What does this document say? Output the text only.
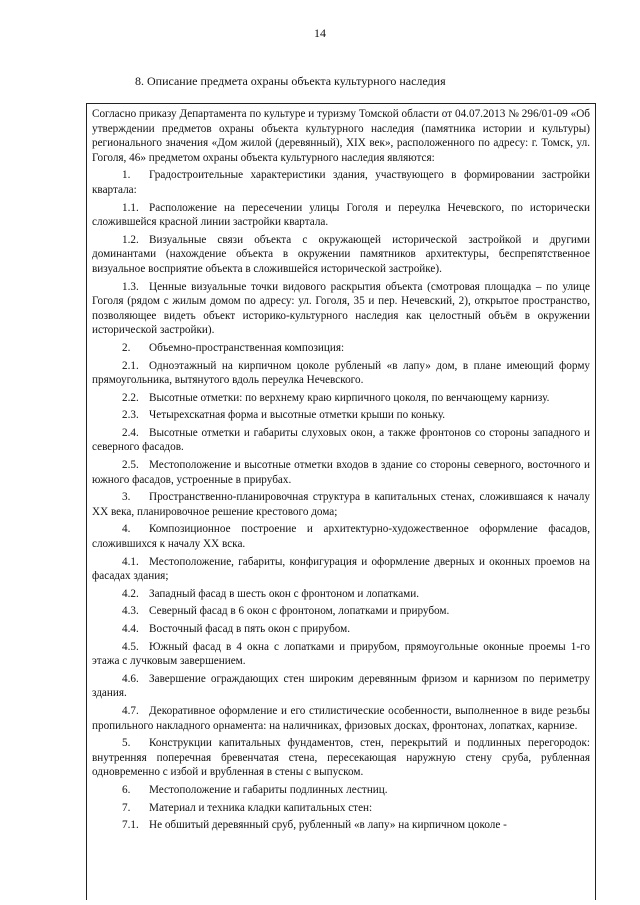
14
8. Описание предмета охраны объекта культурного наследия

Согласно приказу Департамента по культуре и туризму Томской области от 04.07.2013 № 296/01-09 «Об утверждении предметов охраны объекта культурного наследия (памятника истории и культуры) регионального значения «Дом жилой (деревянный), XIX век», расположенного по адресу: г. Томск, ул. Гоголя, 46» предметом охраны объекта культурного наследия являются:

1. Градостроительные характеристики здания, участвующего в формировании застройки квартала:

1.1. Расположение на пересечении улицы Гоголя и переулка Нечевского, по исторически сложившейся красной линии застройки квартала.

1.2. Визуальные связи объекта с окружающей исторической застройкой и другими доминантами (нахождение объекта в окружении памятников архитектуры, беспрепятственное визуальное восприятие объекта в сложившейся исторической застройке).

1.3. Ценные визуальные точки видового раскрытия объекта (смотровая площадка – по улице Гоголя (рядом с жилым домом по адресу: ул. Гоголя, 35 и пер. Нечевский, 2), открытое пространство, позволяющее видеть объект историко-культурного наследия как целостный объём в окружении исторической застройки).

2. Объемно-пространственная композиция:

2.1. Одноэтажный на кирпичном цоколе рубленый «в лапу» дом, в плане имеющий форму прямоугольника, вытянутого вдоль переулка Нечевского.

2.2. Высотные отметки: по верхнему краю кирпичного цоколя, по венчающему карнизу.

2.3. Четырехскатная форма и высотные отметки крыши по коньку.

2.4. Высотные отметки и габариты слуховых окон, а также фронтонов со стороны западного и северного фасадов.

2.5. Местоположение и высотные отметки входов в здание со стороны северного, восточного и южного фасадов, устроенные в прирубах.

3. Пространственно-планировочная структура в капитальных стенах, сложившаяся к началу XX века, планировочное решение крестового дома;

4. Композиционное построение и архитектурно-художественное оформление фасадов, сложившихся к началу XX вска.

4.1. Местоположение, габариты, конфигурация и оформление дверных и оконных проемов на фасадах здания;

4.2. Западный фасад в шесть окон с фронтоном и лопатками.

4.3. Северный фасад в 6 окон с фронтоном, лопатками и прирубом.

4.4. Восточный фасад в пять окон с прирубом.

4.5. Южный фасад в 4 окна с лопатками и прирубом, прямоугольные оконные проемы 1-го этажа с лучковым завершением.

4.6. Завершение ограждающих стен широким деревянным фризом и карнизом по периметру здания.

4.7. Декоративное оформление и его стилистические особенности, выполненное в виде резьбы пропильного накладного орнамента: на наличниках, фризовых досках, фронтонах, лопатках, карнизе.

5. Конструкции капитальных фундаментов, стен, перекрытий и подлинных перегородок: внутренняя поперечная бревенчатая стена, пересекающая наружную стену сруба, рубленная одновременно с избой и врубленная в стены с выпуском.

6. Местоположение и габариты подлинных лестниц.

7. Материал и техника кладки капитальных стен:

7.1. Не обшитый деревянный сруб, рубленный «в лапу» на кирпичном цоколе -
